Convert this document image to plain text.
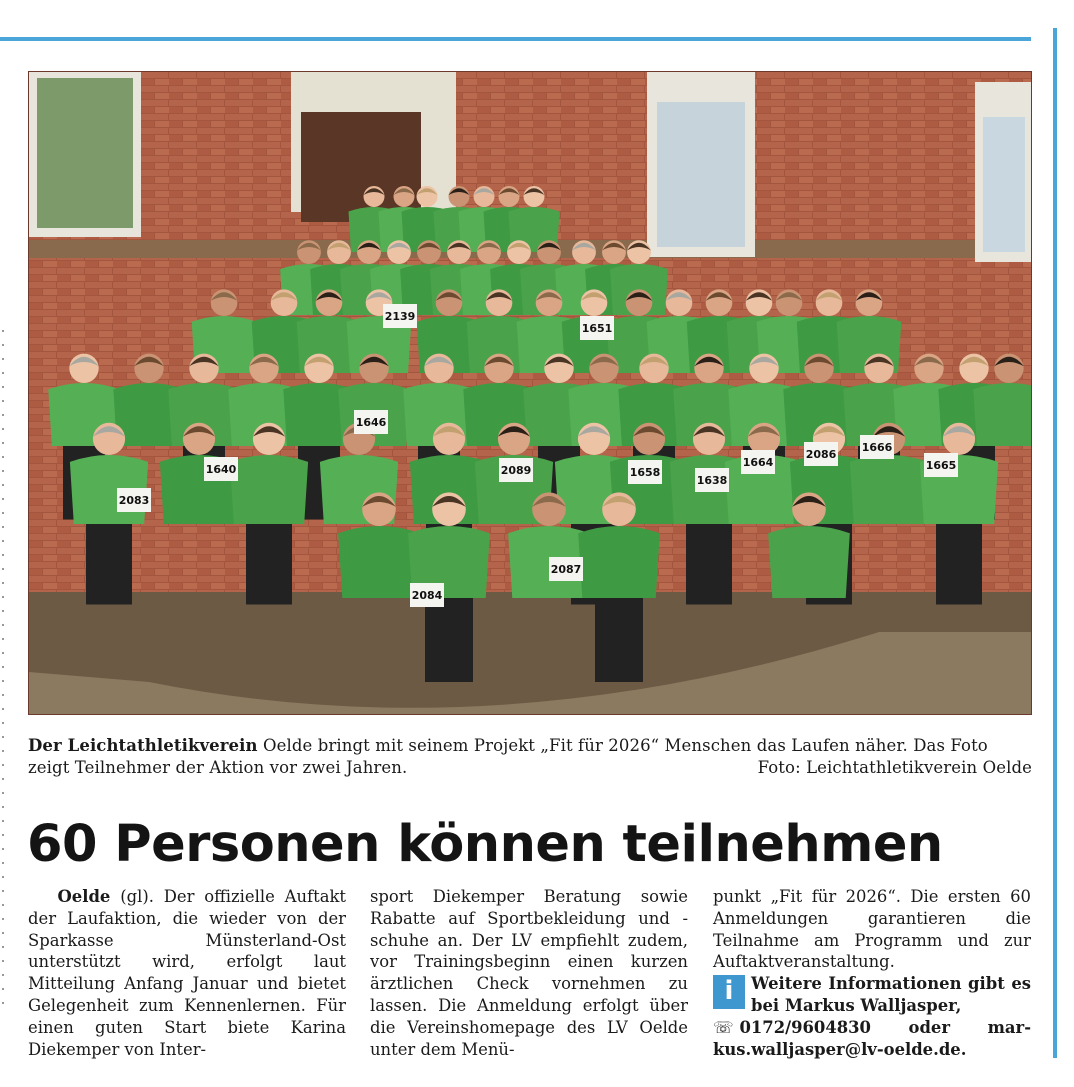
2139
1651
1646
1640
2083
2089
2086
1664
1666
1665
1658
1638
2087
2084
Der Leichtathletikverein Oelde bringt mit seinem Projekt „Fit für 2026“ Menschen das Laufen näher. Das Foto zeigt Teilnehmer der Aktion vor zwei Jahren.	Foto: Leichtathletikverein Oelde
60 Personen können teilnehmen

Oelde (gl). Der offizielle Auftakt der Laufaktion, die wieder von der Sparkasse Münsterland-Ost unterstützt wird, erfolgt laut Mitteilung Anfang Januar und bietet Gelegenheit zum Kennenlernen. Für einen guten Start biete Karina Diekemper von Inter-

sport Diekemper Beratung sowie Rabatte auf Sportbekleidung und -schuhe an. Der LV empfiehlt zudem, vor Trainingsbeginn einen kurzen ärztlichen Check vornehmen zu lassen. Die Anmeldung erfolgt über die Vereinshomepage des LV Oelde unter dem Menü-

punkt „Fit für 2026“. Die ersten 60 Anmeldungen garantieren die Teilnahme am Programm und zur Auftaktveranstaltung.

i	Weitere Informationen gibt es bei Markus Walljasper,
☏ 0172/9604830 oder mar-
kus.walljasper@lv-oelde.de.
